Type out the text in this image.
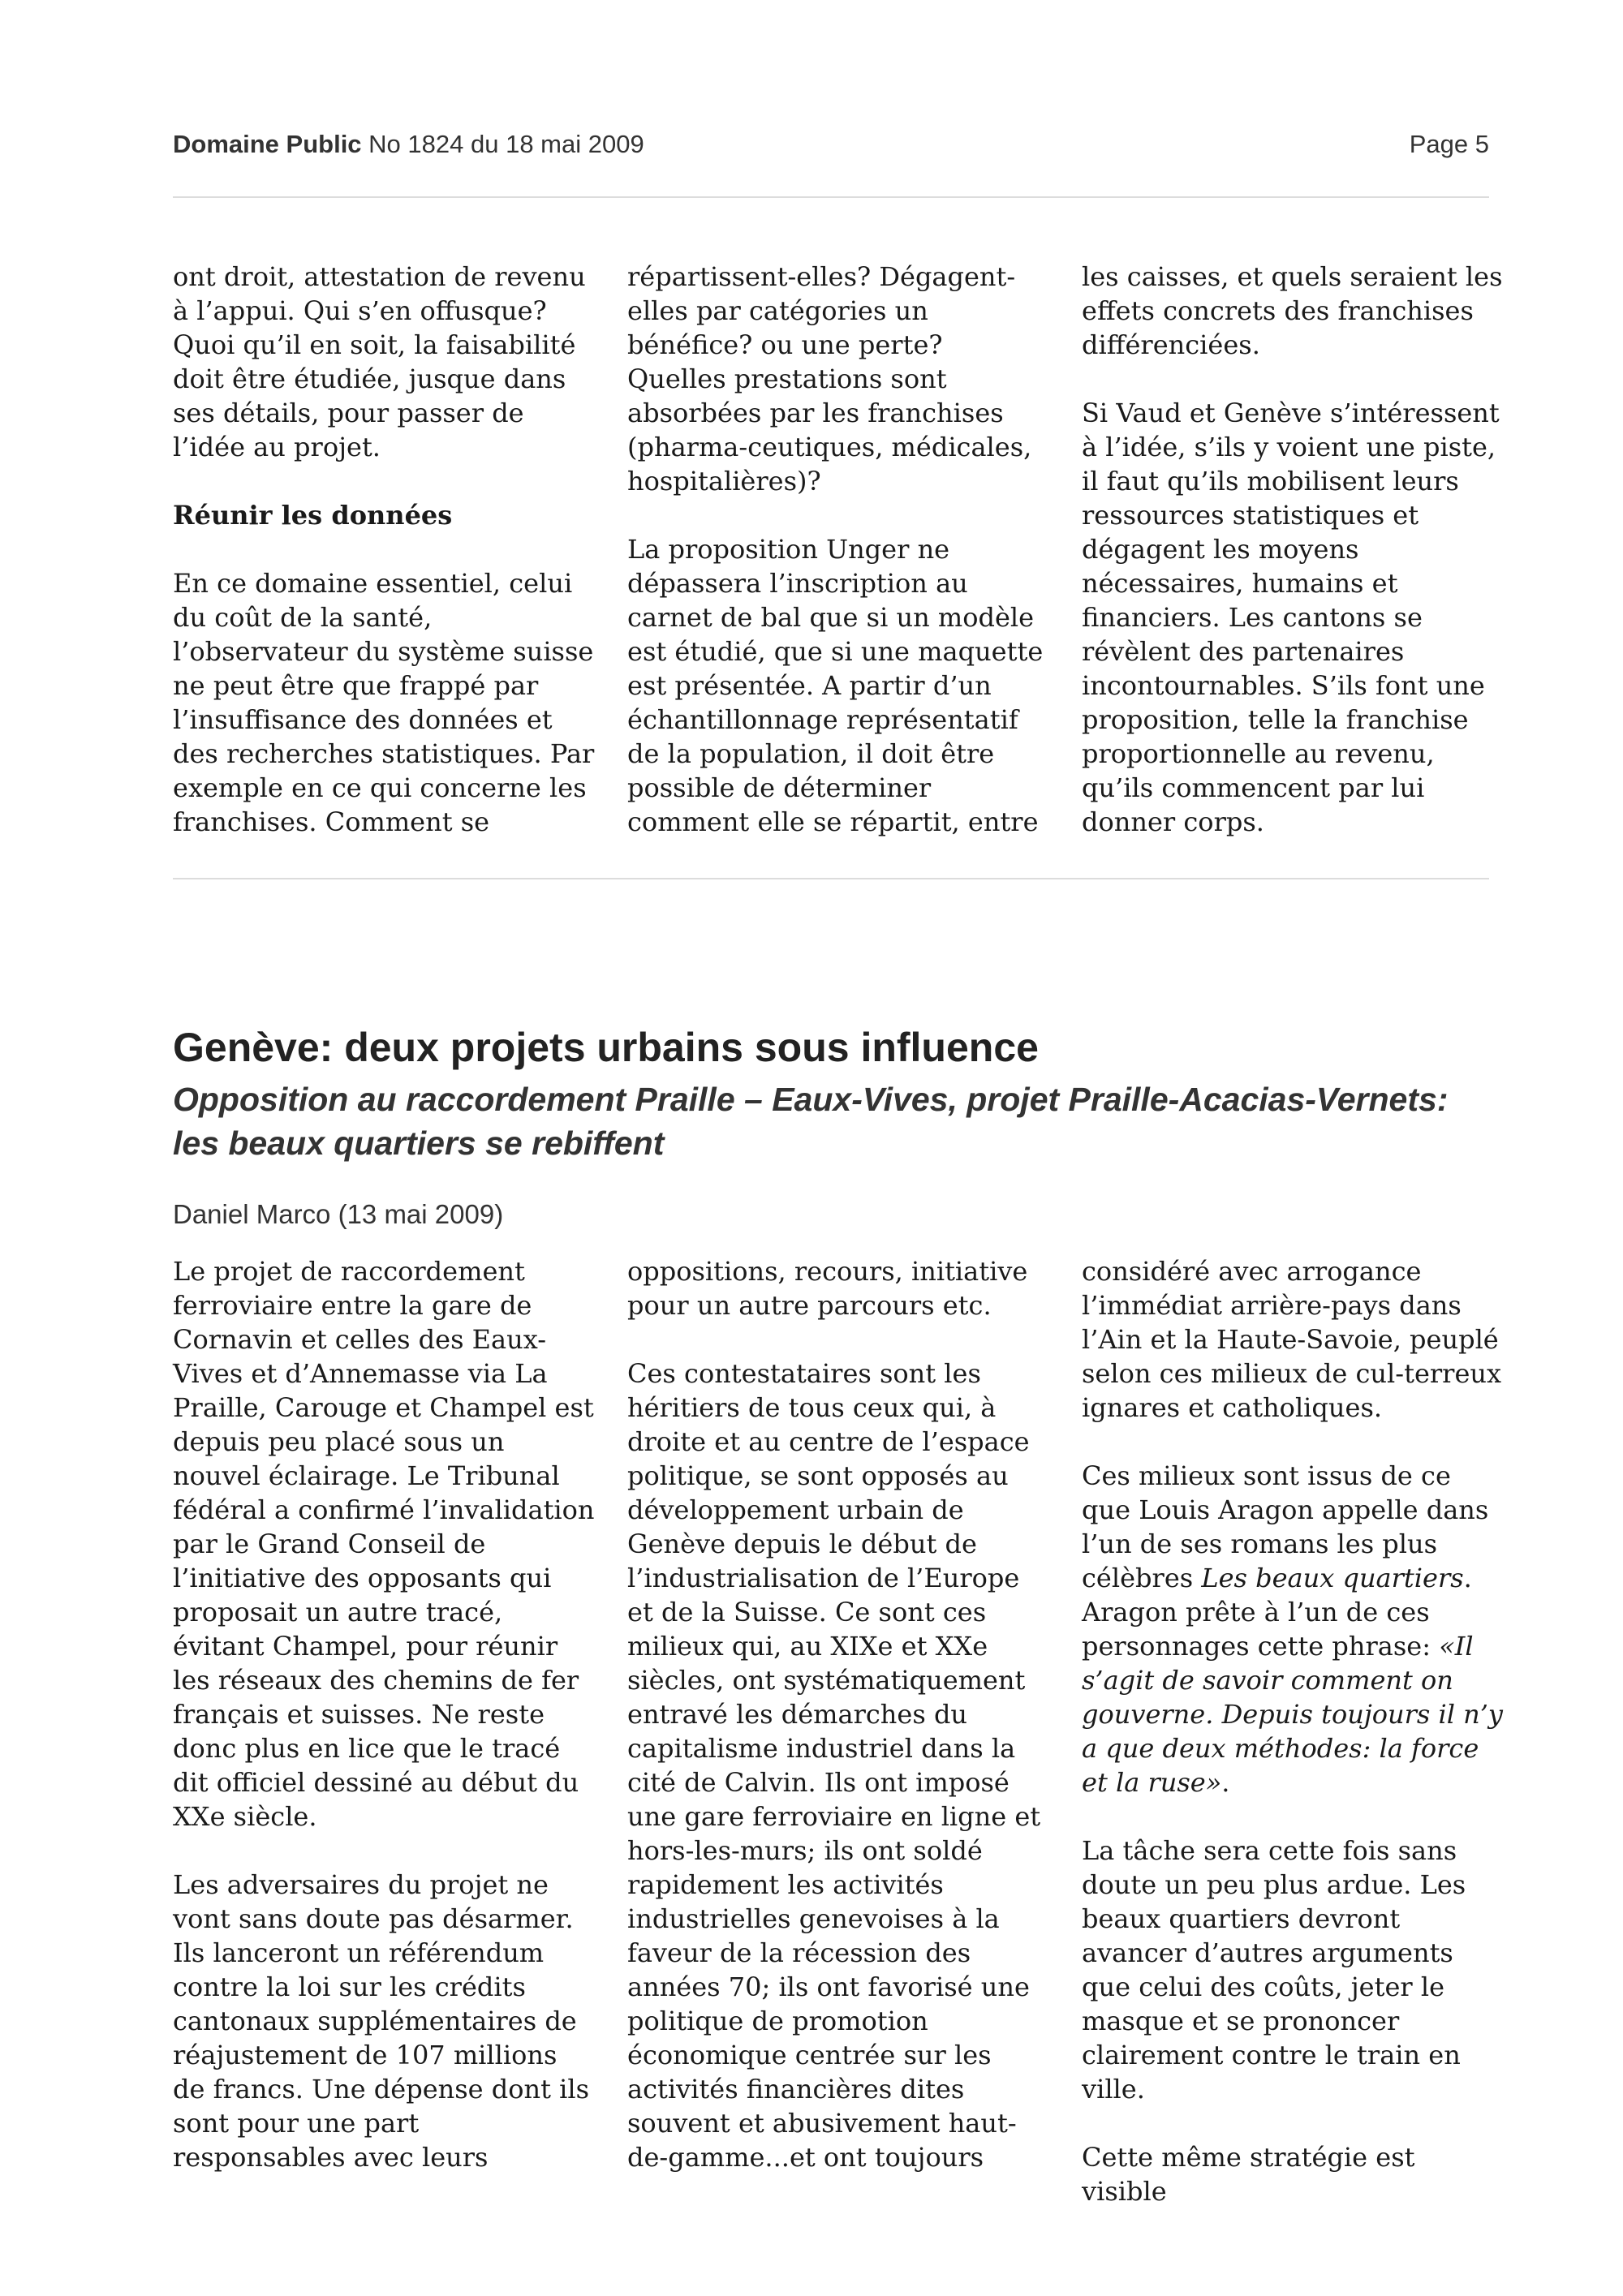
Domaine Public No 1824 du 18 mai 2009	Page 5

ont droit, attestation de revenu à l’appui. Qui s’en offusque? Quoi qu’il en soit, la faisabilité doit être étudiée, jusque dans ses détails, pour passer de l’idée au projet.

Réunir les données

En ce domaine essentiel, celui du coût de la santé, l’observateur du système suisse ne peut être que frappé par l’insuffisance des données et des recherches statistiques. Par exemple en ce qui concerne les franchises. Comment se

répartissent-elles? Dégagent-elles par catégories un bénéfice? ou une perte? Quelles prestations sont absorbées par les franchises (pharma-ceutiques, médicales, hospitalières)?

La proposition Unger ne dépassera l’inscription au carnet de bal que si un modèle est étudié, que si une maquette est présentée. A partir d’un échantillonnage représentatif de la population, il doit être possible de déterminer comment elle se répartit, entre

les caisses, et quels seraient les effets concrets des franchises différenciées.

Si Vaud et Genève s’intéressent à l’idée, s’ils y voient une piste, il faut qu’ils mobilisent leurs ressources statistiques et dégagent les moyens nécessaires, humains et financiers. Les cantons se révèlent des partenaires incontournables. S’ils font une proposition, telle la franchise proportionnelle au revenu, qu’ils commencent par lui donner corps.

Genève: deux projets urbains sous influence
Opposition au raccordement Praille – Eaux-Vives, projet Praille-Acacias-Vernets: les beaux quartiers se rebiffent
Daniel Marco (13 mai 2009)

Le projet de raccordement ferroviaire entre la gare de Cornavin et celles des Eaux-Vives et d’Annemasse via La Praille, Carouge et Champel est depuis peu placé sous un nouvel éclairage. Le Tribunal fédéral a confirmé l’invalidation par le Grand Conseil de l’initiative des opposants qui proposait un autre tracé, évitant Champel, pour réunir les réseaux des chemins de fer français et suisses. Ne reste donc plus en lice que le tracé dit officiel dessiné au début du XXe siècle.

Les adversaires du projet ne vont sans doute pas désarmer. Ils lanceront un référendum contre la loi sur les crédits cantonaux supplémentaires de réajustement de 107 millions de francs. Une dépense dont ils sont pour une part responsables avec leurs

oppositions, recours, initiative pour un autre parcours etc.

Ces contestataires sont les héritiers de tous ceux qui, à droite et au centre de l’espace politique, se sont opposés au développement urbain de Genève depuis le début de l’industrialisation de l’Europe et de la Suisse. Ce sont ces milieux qui, au XIXe et XXe siècles, ont systématiquement entravé les démarches du capitalisme industriel dans la cité de Calvin. Ils ont imposé une gare ferroviaire en ligne et hors-les-murs; ils ont soldé rapidement les activités industrielles genevoises à la faveur de la récession des années 70; ils ont favorisé une politique de promotion économique centrée sur les activités financières dites souvent et abusivement haut-de-gamme...et ont toujours

considéré avec arrogance l’immédiat arrière-pays dans l’Ain et la Haute-Savoie, peuplé selon ces milieux de cul-terreux ignares et catholiques.

Ces milieux sont issus de ce que Louis Aragon appelle dans l’un de ses romans les plus célèbres Les beaux quartiers. Aragon prête à l’un de ces personnages cette phrase: «Il s’agit de savoir comment on gouverne. Depuis toujours il n’y a que deux méthodes: la force et la ruse».

La tâche sera cette fois sans doute un peu plus ardue. Les beaux quartiers devront avancer d’autres arguments que celui des coûts, jeter le masque et se prononcer clairement contre le train en ville.

Cette même stratégie est visible
